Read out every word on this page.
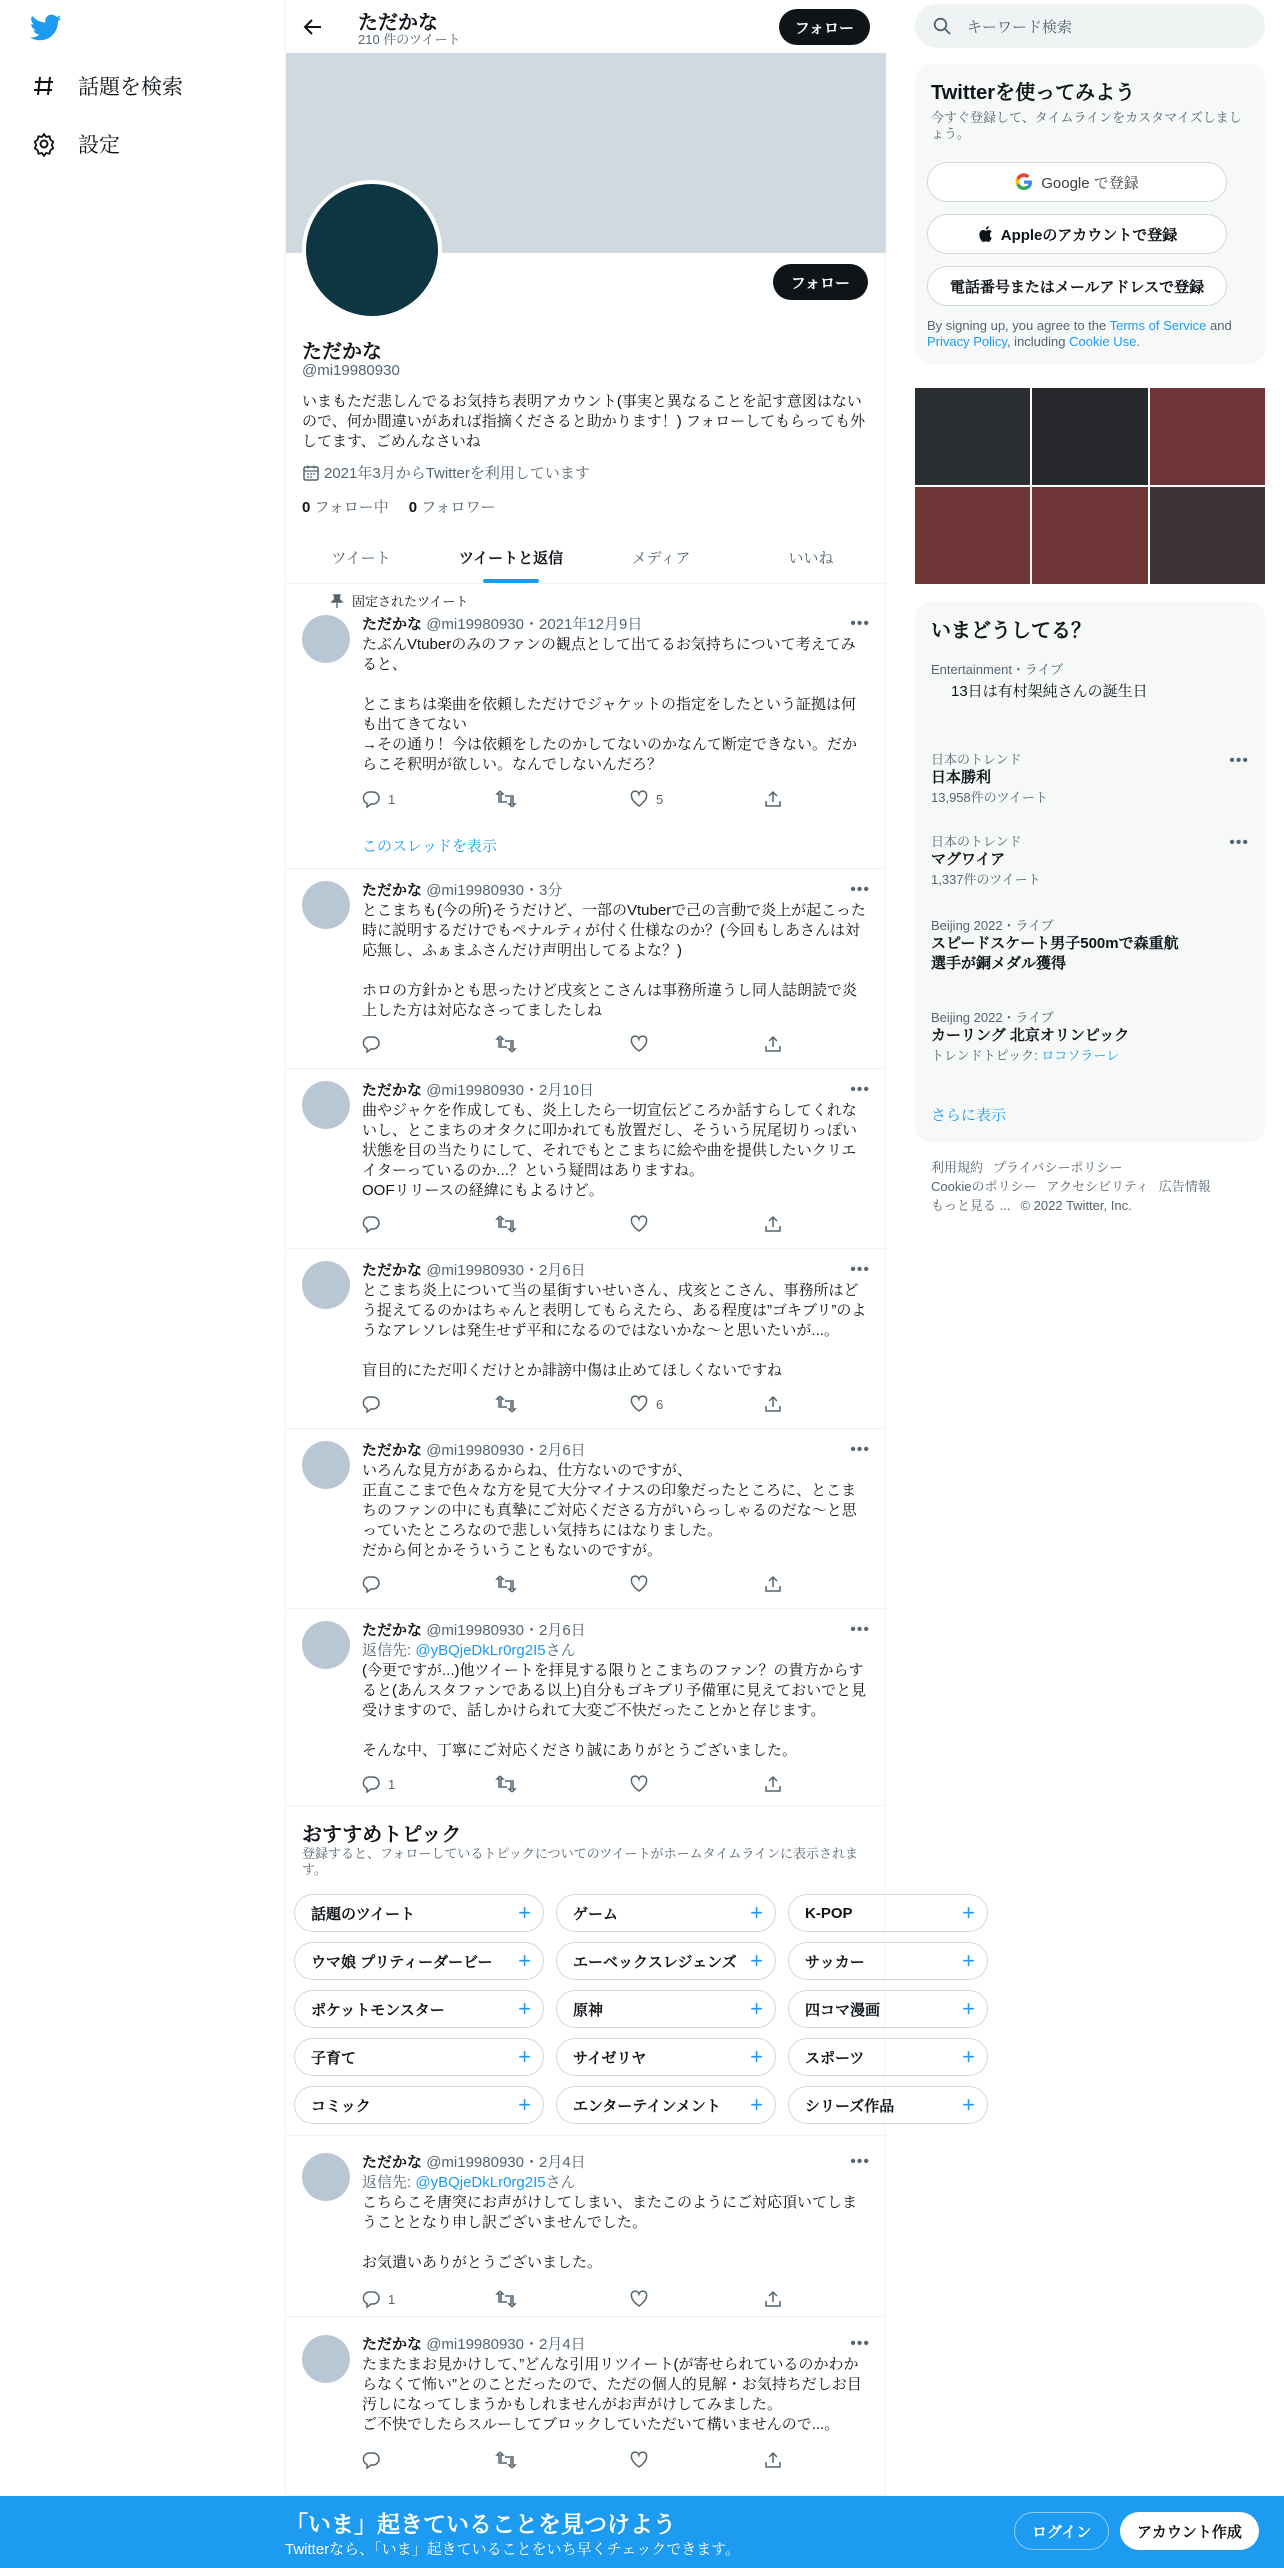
話題を検索
設定
ただかな
210 件のツイート
フォロー
フォロー
ただかな
@mi19980930
いまもただ悲しんでるお気持ち表明アカウント(事実と異なることを記す意図はないので、何か間違いがあれば指摘くださると助かります！) フォローしてもらっても外してます、ごめんなさいね
2021年3月からTwitterを利用しています
0 フォロー中 0 フォロワー
ツイート	ツイートと返信	メディア	いいね
固定されたツイート
•••
ただかな @mi19980930・2021年12月9日
たぶんVtuberのみのファンの観点として出てるお気持ちについて考えてみると、

とこまちは楽曲を依頼しただけでジャケットの指定をしたという証拠は何も出てきてない
→その通り！今は依頼をしたのかしてないのかなんて断定できない。だからこそ釈明が欲しい。なんでしないんだろ？
1	5
このスレッドを表示
•••
ただかな @mi19980930・3分
とこまちも(今の所)そうだけど、一部のVtuberで己の言動で炎上が起こった時に説明するだけでもペナルティが付く仕様なのか？(今回もしあさんは対応無し、ふぁまふさんだけ声明出してるよな？)

ホロの方針かとも思ったけど戌亥とこさんは事務所違うし同人誌朗読で炎上した方は対応なさってましたしね
•••
ただかな @mi19980930・2月10日
曲やジャケを作成しても、炎上したら一切宣伝どころか話すらしてくれないし、とこまちのオタクに叩かれても放置だし、そういう尻尾切りっぽい状態を目の当たりにして、それでもとこまちに絵や曲を提供したいクリエイターっているのか...？という疑問はありますね。
OOFリリースの経緯にもよるけど。
•••
ただかな @mi19980930・2月6日
とこまち炎上について当の星街すいせいさん、戌亥とこさん、事務所はどう捉えてるのかはちゃんと表明してもらえたら、ある程度は”ゴキブリ”のようなアレソレは発生せず平和になるのではないかな〜と思いたいが...。

盲目的にただ叩くだけとか誹謗中傷は止めてほしくないですね
6
•••
ただかな @mi19980930・2月6日
いろんな見方があるからね、仕方ないのですが、
正直ここまで色々な方を見て大分マイナスの印象だったところに、とこまちのファンの中にも真摯にご対応くださる方がいらっしゃるのだな〜と思っていたところなので悲しい気持ちにはなりました。
だから何とかそういうこともないのですが。
•••
ただかな @mi19980930・2月6日
返信先: @yBQjeDkLr0rg2I5さん
(今更ですが...)他ツイートを拝見する限りとこまちのファン？の貴方からすると(あんスタファンである以上)自分もゴキブリ予備軍に見えておいでと見受けますので、話しかけられて大変ご不快だったことかと存じます。

そんな中、丁寧にご対応くださり誠にありがとうございました。
1
おすすめトピック
登録すると、フォローしているトピックについてのツイートがホームタイムラインに表示されます。
話題のツイート	+	ゲーム	+	K-POP	+
ウマ娘 プリティーダービー +	エーベックスレジェンズ +	サッカー	+
ポケットモンスター	+	原神	+	四コマ漫画	+
子育て	+	サイゼリヤ	+	スポーツ	+
コミック	+	エンターテインメント +	シリーズ作品	+
•••
ただかな @mi19980930・2月4日
返信先: @yBQjeDkLr0rg2I5さん
こちらこそ唐突にお声がけしてしまい、またこのようにご対応頂いてしまうこととなり申し訳ございませんでした。

お気遣いありがとうございました。
1
•••
ただかな @mi19980930・2月4日
たまたまお見かけして、”どんな引用リツイート(が寄せられているのかわからなくて怖い”とのことだったので、ただの個人的見解・お気持ちだしお目汚しになってしまうかもしれませんがお声がけしてみました。
ご不快でしたらスルーしてブロックしていただいて構いませんので...。
キーワード検索
Twitterを使ってみよう
今すぐ登録して、タイムラインをカスタマイズしましょう。
Google で登録
Appleのアカウントで登録
電話番号またはメールアドレスで登録
By signing up, you agree to the Terms of Service and Privacy Policy, including Cookie Use.
いまどうしてる？
Entertainment・ライブ
13日は有村架純さんの誕生日
日本のトレンド
日本勝利
13,958件のツイート
•••
日本のトレンド
マグワイア
1,337件のツイート
•••
Beijing 2022・ライブ
スピードスケート男子500mで森重航選手が銅メダル獲得
Beijing 2022・ライブ
カーリング 北京オリンピック
トレンドトピック: ロコソラーレ
さらに表示
利用規約 プライバシーポリシー
Cookieのポリシー アクセシビリティ 広告情報
もっと見る ... © 2022 Twitter, Inc.
「いま」起きていることを見つけよう
Twitterなら、「いま」起きていることをいち早くチェックできます。
ログイン	アカウント作成
